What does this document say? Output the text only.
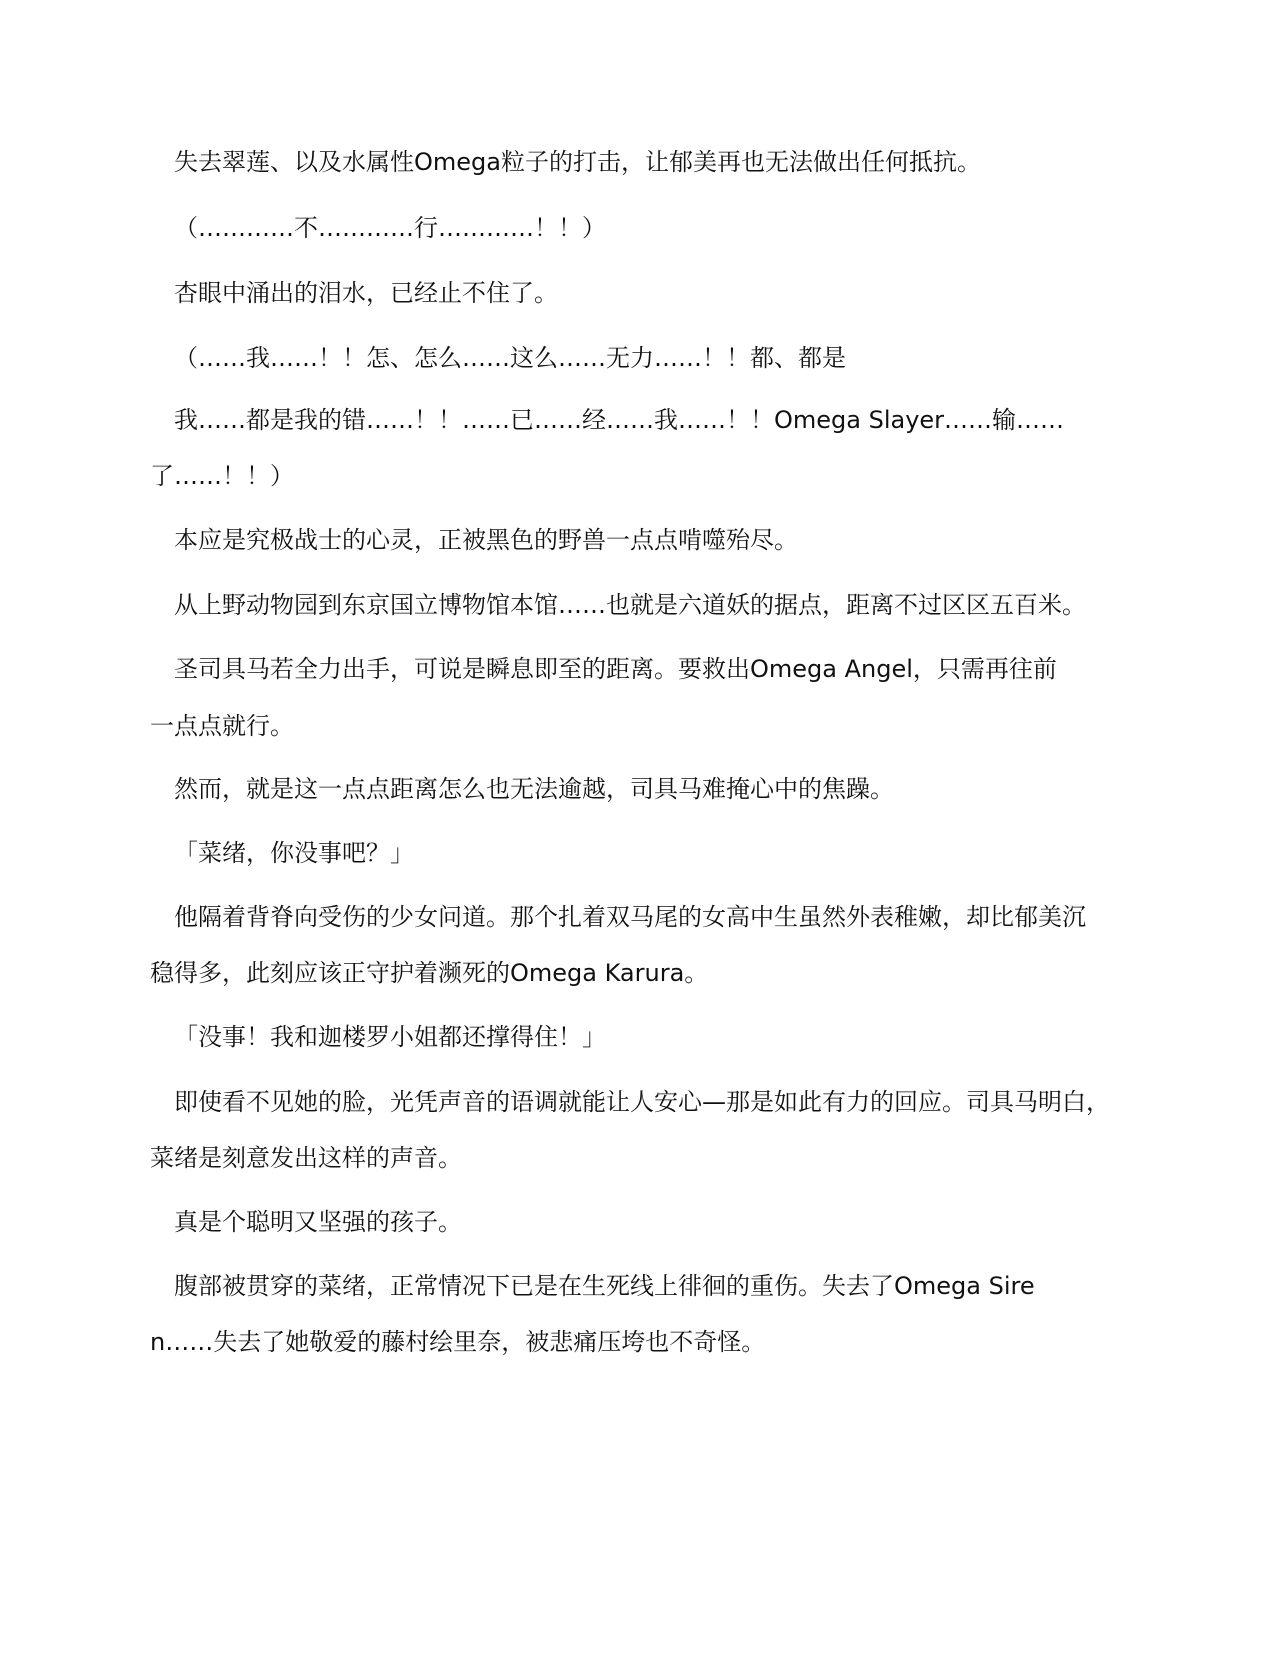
失去翠莲、以及水属性Omega粒子的打击，让郁美再也无法做出任何抵抗。

（…………不…………行…………！！）

杏眼中涌出的泪水，已经止不住了。

（……我……！！怎、怎么……这么……无力……！！都、都是

我……都是我的错……！！……已……经……我……！！Omega Slayer……输……

了……！！）

本应是究极战士的心灵，正被黑色的野兽一点点啃噬殆尽。

从上野动物园到东京国立博物馆本馆……也就是六道妖的据点，距离不过区区五百米。

圣司具马若全力出手，可说是瞬息即至的距离。要救出Omega Angel，只需再往前

一点点就行。

然而，就是这一点点距离怎么也无法逾越，司具马难掩心中的焦躁。

「菜绪，你没事吧？」

他隔着背脊向受伤的少女问道。那个扎着双马尾的女高中生虽然外表稚嫩，却比郁美沉

稳得多，此刻应该正守护着濒死的Omega Karura。

「没事！我和迦楼罗小姐都还撑得住！」

即使看不见她的脸，光凭声音的语调就能让人安心—那是如此有力的回应。司具马明白，

菜绪是刻意发出这样的声音。

真是个聪明又坚强的孩子。

腹部被贯穿的菜绪，正常情况下已是在生死线上徘徊的重伤。失去了Omega Sire

n……失去了她敬爱的藤村绘里奈，被悲痛压垮也不奇怪。
